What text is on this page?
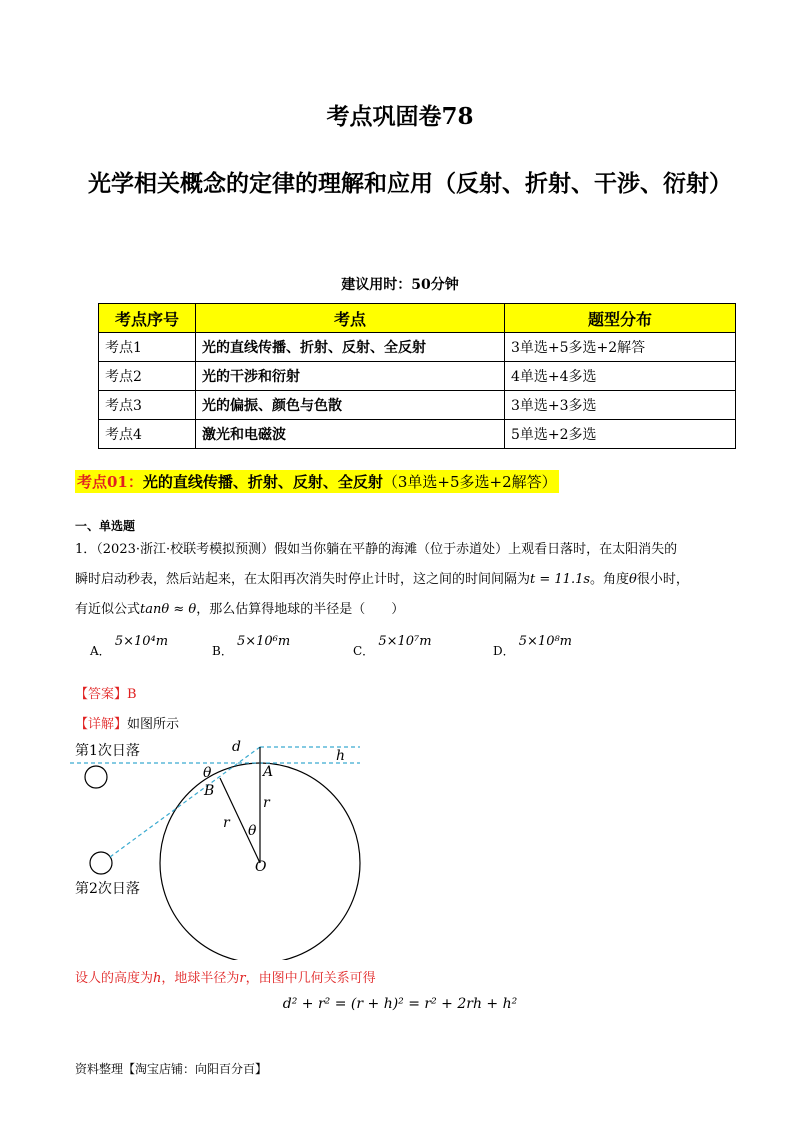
考点巩固卷78
光学相关概念的定律的理解和应用（反射、折射、干涉、衍射）
建议用时：50分钟
考点序号	考点	题型分布
考点1	光的直线传播、折射、反射、全反射	3单选+5多选+2解答
考点2	光的干涉和衍射	4单选+4多选
考点3	光的偏振、颜色与色散	3单选+3多选
考点4	激光和电磁波	5单选+2多选
考点01：光的直线传播、折射、反射、全反射（3单选+5多选+2解答）
一、单选题
1．（2023·浙江·校联考模拟预测）假如当你躺在平静的海滩（位于赤道处）上观看日落时，在太阳消失的
瞬时启动秒表，然后站起来，在太阳再次消失时停止计时，这之间的时间间隔为t = 11.1s。角度θ很小时，
有近似公式tanθ ≈ θ，那么估算得地球的半径是（　　）
A． 5×10⁴m
B． 5×10⁶m
C． 5×10⁷m
D． 5×10⁸m
【答案】B
【详解】如图所示
第1次日落
第2次日落
d
h
A
B
θ
θ
r
r
O
设人的高度为h，地球半径为r，由图中几何关系可得
d² + r² = (r + h)² = r² + 2rh + h²
资料整理【淘宝店铺：向阳百分百】
